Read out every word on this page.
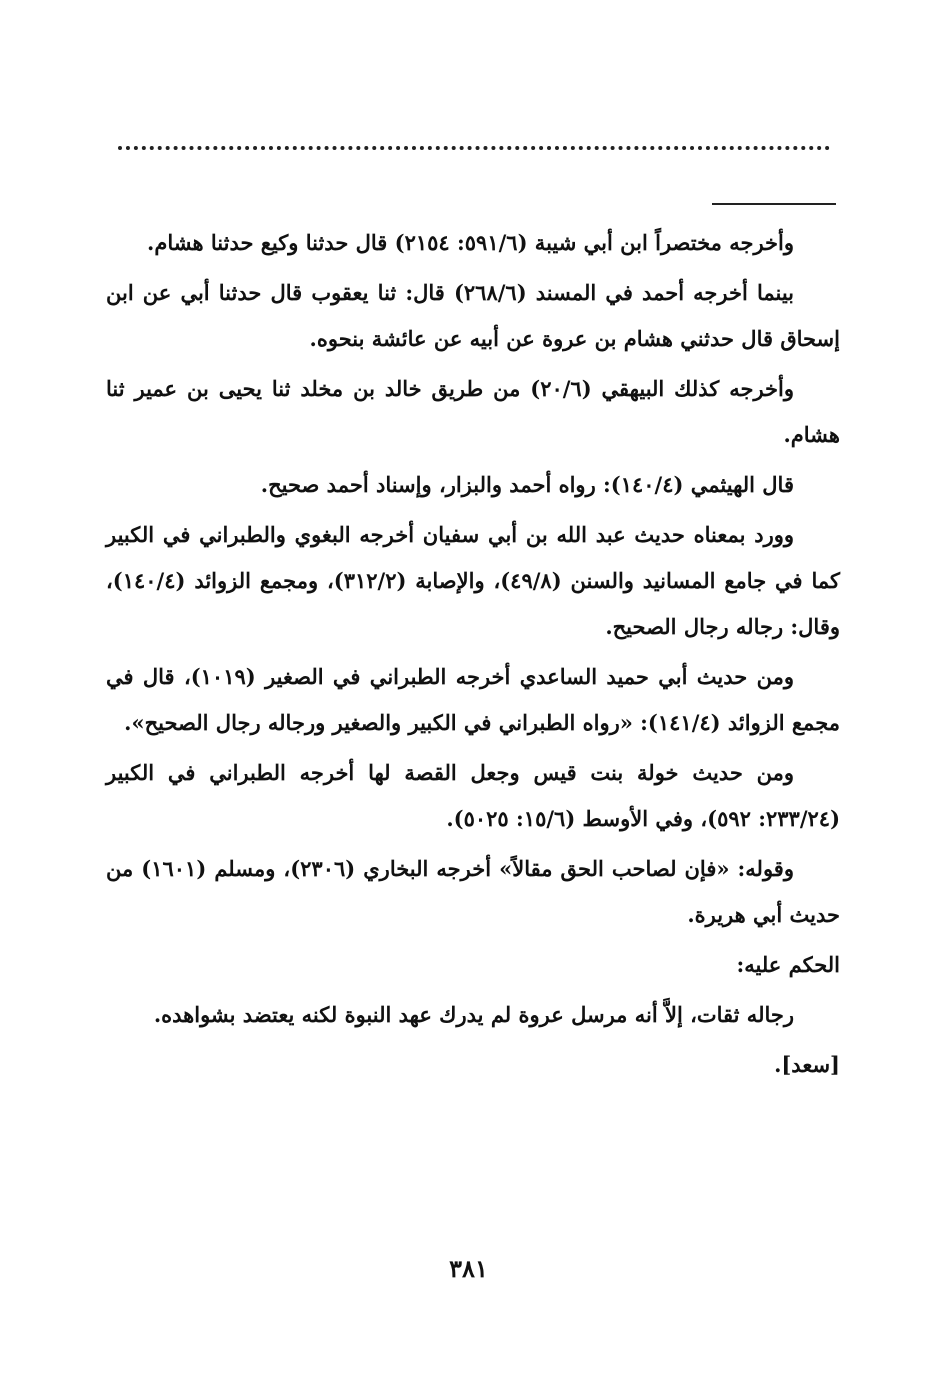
وأخرجه مختصراً ابن أبي شيبة (٥٩١/٦: ٢١٥٤) قال حدثنا وكيع حدثنا هشام.

بينما أخرجه أحمد في المسند (٢٦٨/٦) قال: ثنا يعقوب قال حدثنا أبي عن ابن إسحاق قال حدثني هشام بن عروة عن أبيه عن عائشة بنحوه.

وأخرجه كذلك البيهقي (٢٠/٦) من طريق خالد بن مخلد ثنا يحيى بن عمير ثنا هشام.

قال الهيثمي (١٤٠/٤): رواه أحمد والبزار، وإسناد أحمد صحيح.

وورد بمعناه حديث عبد الله بن أبي سفيان أخرجه البغوي والطبراني في الكبير كما في جامع المسانيد والسنن (٤٩/٨)، والإصابة (٣١٢/٢)، ومجمع الزوائد (١٤٠/٤)، وقال: رجاله رجال الصحيح.

ومن حديث أبي حميد الساعدي أخرجه الطبراني في الصغير (١٠١٩)، قال في مجمع الزوائد (١٤١/٤): «رواه الطبراني في الكبير والصغير ورجاله رجال الصحيح».

ومن حديث خولة بنت قيس وجعل القصة لها أخرجه الطبراني في الكبير (٢٣٣/٢٤: ٥٩٢)، وفي الأوسط (١٥/٦: ٥٠٢٥).

وقوله: «فإن لصاحب الحق مقالاً» أخرجه البخاري (٢٣٠٦)، ومسلم (١٦٠١) من حديث أبي هريرة.

الحكم عليه:

رجاله ثقات، إلاَّ أنه مرسل عروة لم يدرك عهد النبوة لكنه يعتضد بشواهده.

[سعد].

٣٨١
